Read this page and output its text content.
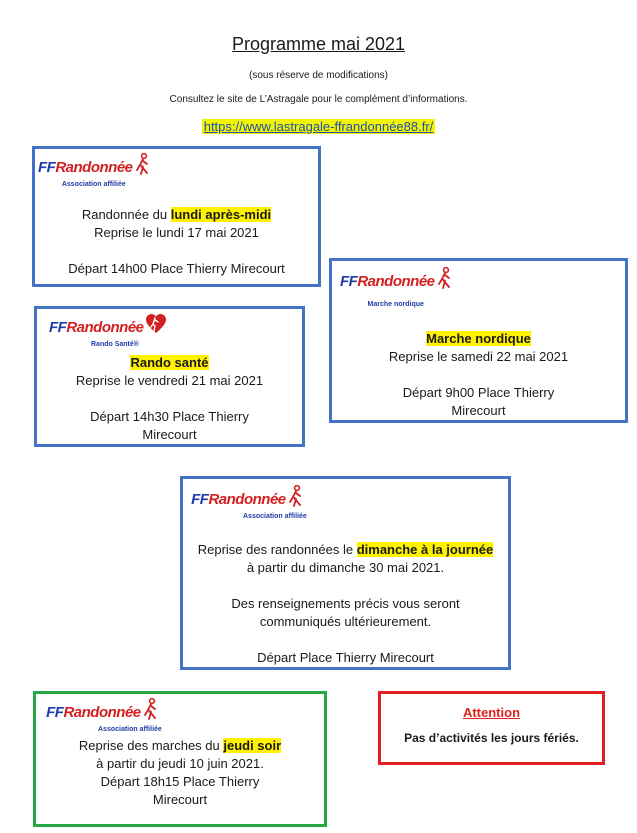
Programme mai 2021
(sous réserve de modifications)
Consultez le site de L’Astragale pour le complément d’informations.
https://www.lastragale-ffrandonnée88.fr/
FFRandonnée
Association affiliée
Randonnée du lundi après-midi
Reprise le lundi 17 mai 2021
Départ 14h00 Place Thierry Mirecourt
FFRandonnée
Rando Santé®
Rando santé
Reprise le vendredi 21 mai 2021
Départ 14h30 Place Thierry
Mirecourt
FFRandonnée
Marche nordique
Marche nordique
Reprise le samedi 22 mai 2021
Départ 9h00 Place Thierry
Mirecourt
FFRandonnée
Association affiliée
Reprise des randonnées le dimanche à la journée
à partir du dimanche 30 mai 2021.
Des renseignements précis vous seront
communiqués ultérieurement.
Départ Place Thierry Mirecourt
FFRandonnée
Association affiliée
Reprise des marches du jeudi soir
à partir du jeudi 10 juin 2021.
Départ 18h15 Place Thierry
Mirecourt
Attention
Pas d’activités les jours fériés.
